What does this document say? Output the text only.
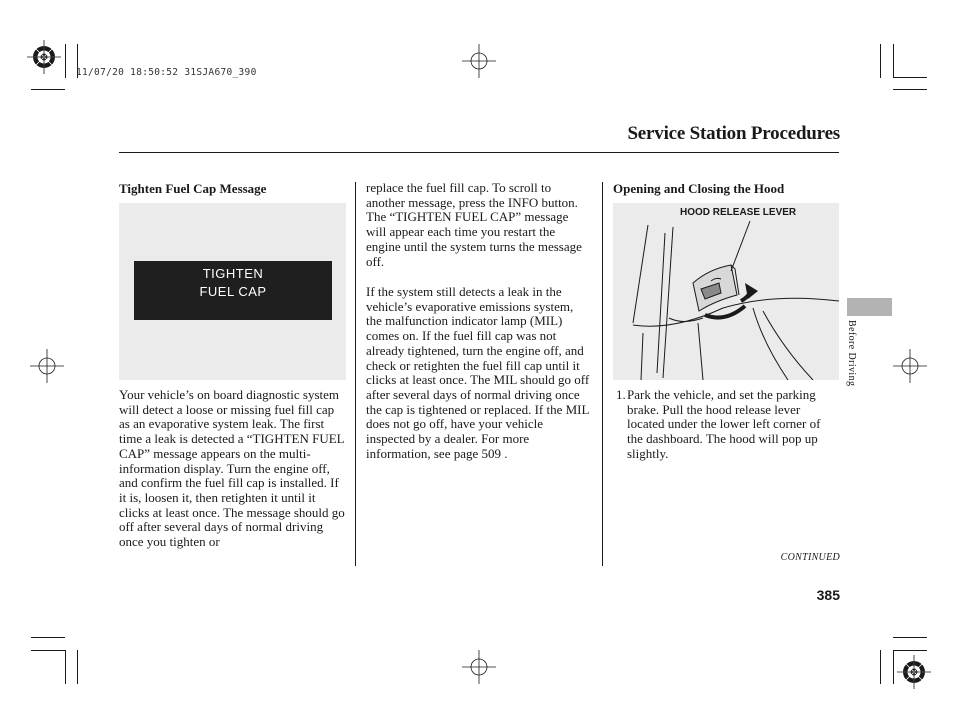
11/07/20 18:50:52 31SJA670_390
Service Station Procedures
Tighten Fuel Cap Message
TIGHTEN
FUEL CAP
Your vehicle’s on board diagnostic system will detect a loose or missing fuel fill cap as an evaporative system leak. The first time a leak is detected a “TIGHTEN FUEL CAP” message appears on the multi-information display. Turn the engine off, and confirm the fuel fill cap is installed. If it is, loosen it, then retighten it until it clicks at least once. The message should go off after several days of normal driving once you tighten or
replace the fuel fill cap. To scroll to another message, press the INFO button. The “TIGHTEN FUEL CAP” message will appear each time you restart the engine until the system turns the message off.
If the system still detects a leak in the vehicle’s evaporative emissions system, the malfunction indicator lamp (MIL) comes on. If the fuel fill cap was not already tightened, turn the engine off, and check or retighten the fuel fill cap until it clicks at least once. The MIL should go off after several days of normal driving once the cap is tightened or replaced. If the MIL does not go off, have your vehicle inspected by a dealer. For more information, see page 509 .
Opening and Closing the Hood
HOOD RELEASE LEVER
1. Park the vehicle, and set the parking brake. Pull the hood release lever located under the lower left corner of the dashboard. The hood will pop up slightly.
Before Driving
CONTINUED
385
